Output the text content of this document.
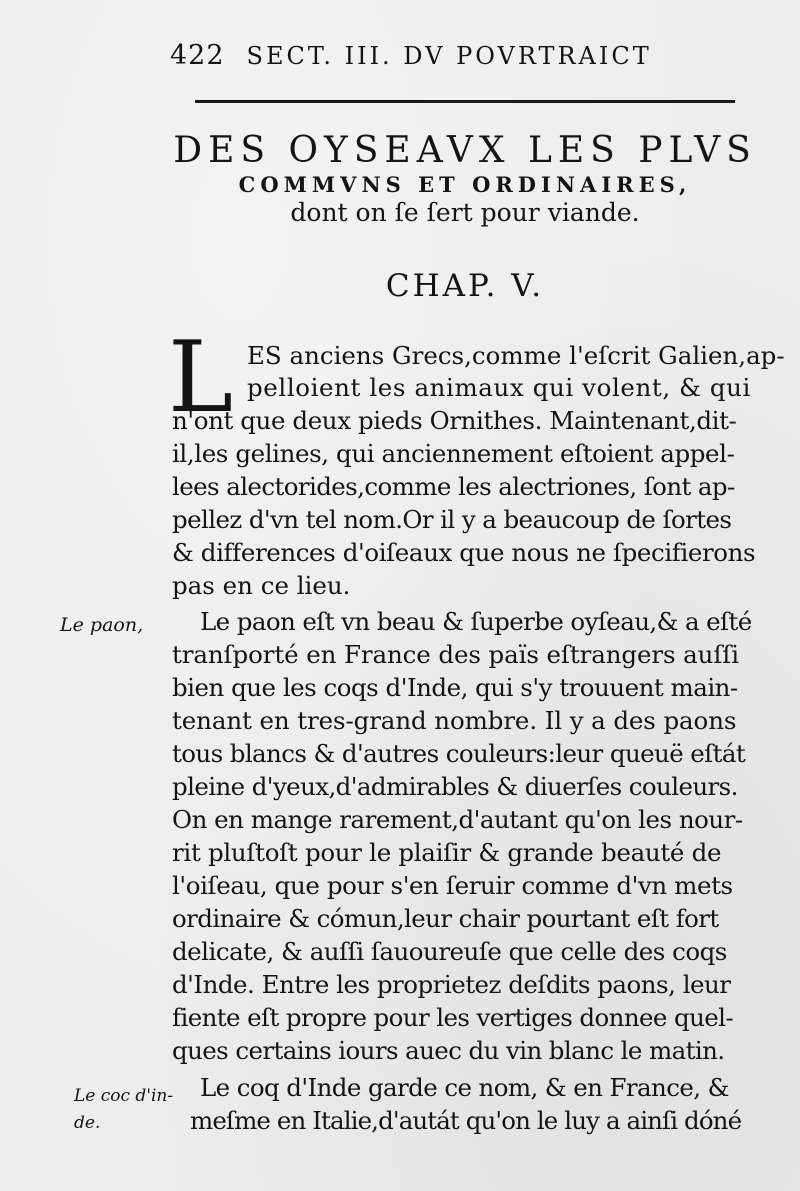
422 SECT. III. DV POVRTRAICT
DES OYSEAVX LES PLVS
COMMVNS ET ORDINAIRES,
dont on ſe ſert pour viande.
CHAP. V.
L ES anciens Grecs,comme l'eſcrit Galien,ap-
pelloient les animaux qui volent, & qui
n'ont que deux pieds Ornithes. Maintenant,dit-
il,les gelines, qui anciennement eſtoient appel-
lees alectorides,comme les alectriones, ſont ap-
pellez d'vn tel nom.Or il y a beaucoup de ſortes
& differences d'oiſeaux que nous ne ſpecifierons
pas en ce lieu.
Le paon, Le paon eſt vn beau & ſuperbe oyſeau,& a eſté
tranſporté en France des païs eſtrangers auſſi
bien que les coqs d'Inde, qui s'y trouuent main-
tenant en tres-grand nombre. Il y a des paons
tous blancs & d'autres couleurs:leur queuë eſtát
pleine d'yeux,d'admirables & diuerſes couleurs.
On en mange rarement,d'autant qu'on les nour-
rit pluſtoſt pour le plaiſir & grande beauté de
l'oiſeau, que pour s'en ſeruir comme d'vn mets
ordinaire & cómun,leur chair pourtant eſt fort
delicate, & auſſi ſauoureuſe que celle des coqs
d'Inde. Entre les proprietez deſdits paons, leur
fiente eſt propre pour les vertiges donnee quel-
ques certains iours auec du vin blanc le matin.
Le coc d'in-
de.
Le coq d'Inde garde ce nom, & en France, &
meſme en Italie,d'autát qu'on le luy a ainſi dóné
